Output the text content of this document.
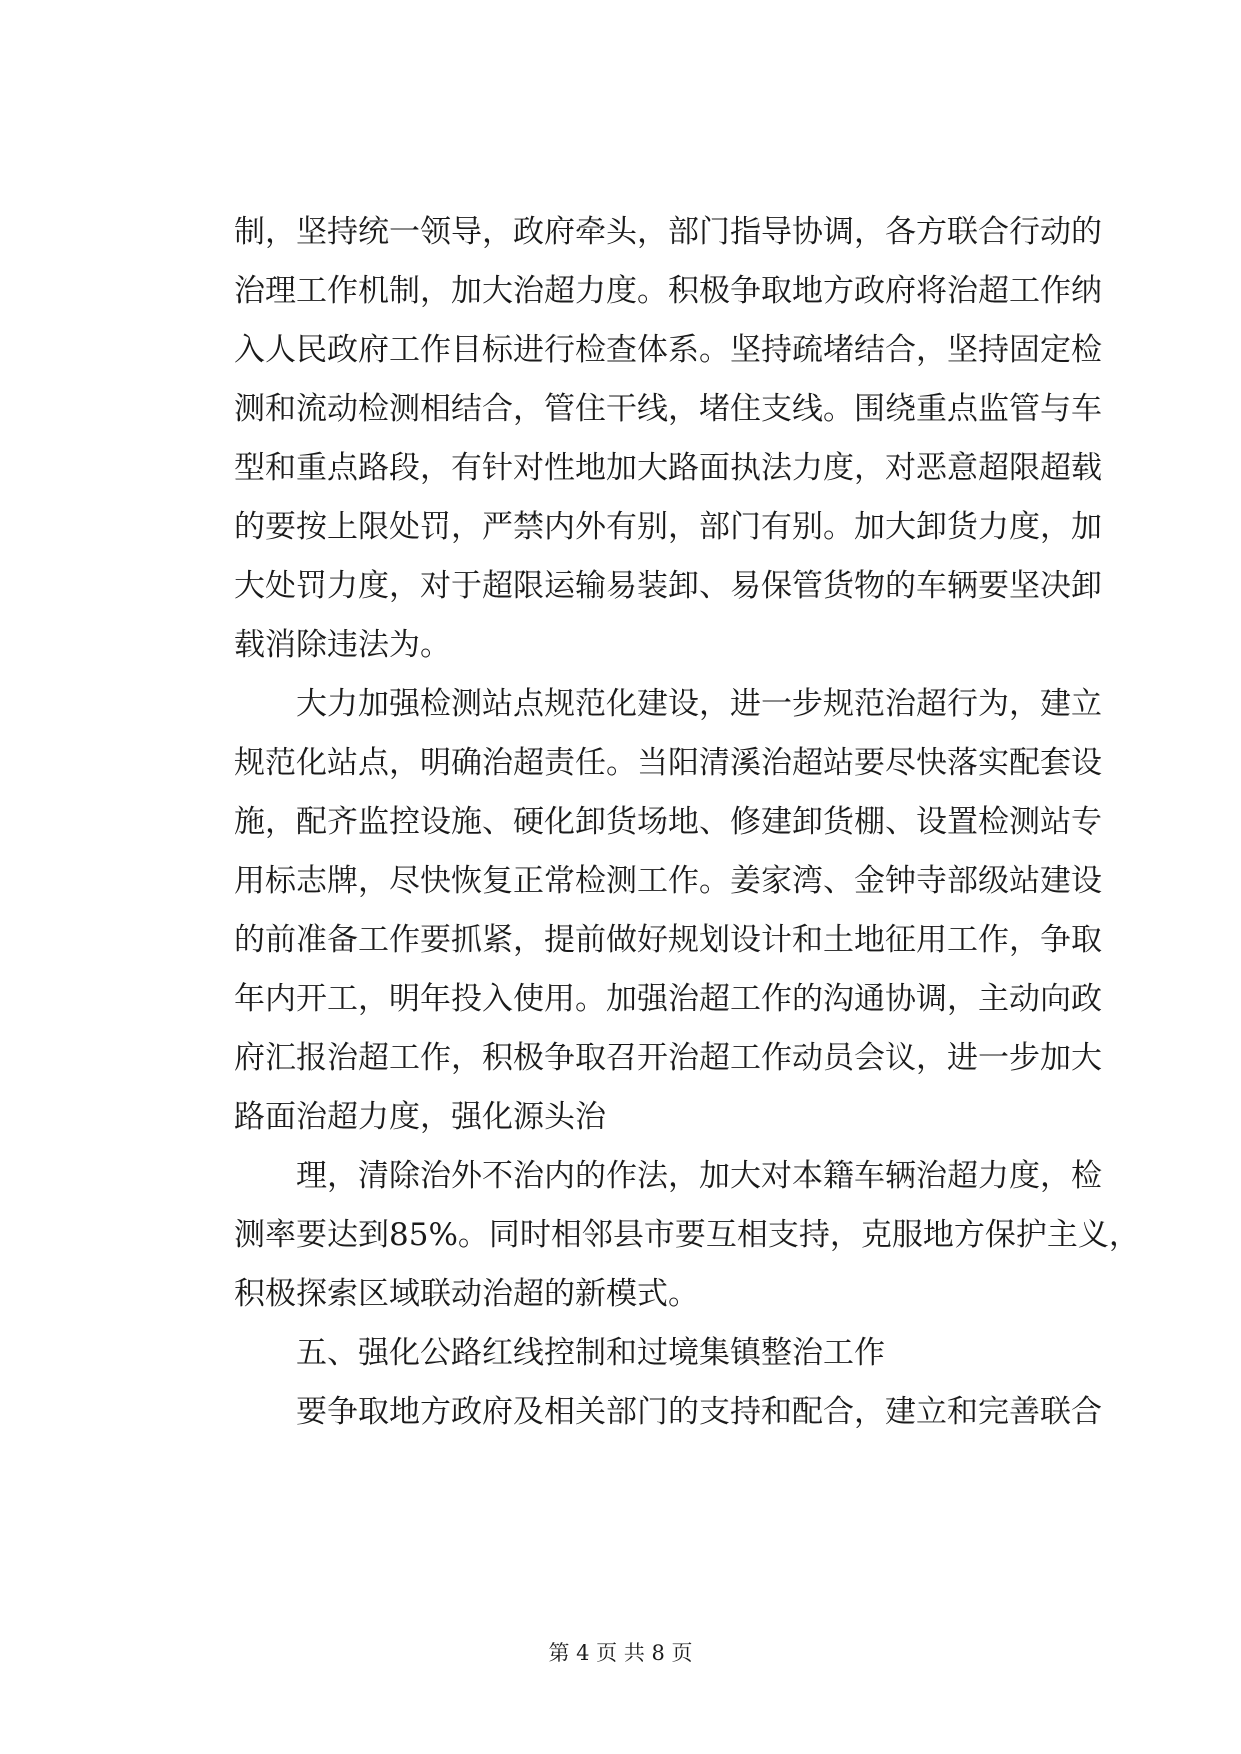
制，坚持统一领导，政府牵头，部门指导协调，各方联合行动的
治理工作机制，加大治超力度。积极争取地方政府将治超工作纳
入人民政府工作目标进行检查体系。坚持疏堵结合，坚持固定检
测和流动检测相结合，管住干线，堵住支线。围绕重点监管与车
型和重点路段，有针对性地加大路面执法力度，对恶意超限超载
的要按上限处罚，严禁内外有别，部门有别。加大卸货力度，加
大处罚力度，对于超限运输易装卸、易保管货物的车辆要坚决卸
载消除违法为。
大力加强检测站点规范化建设，进一步规范治超行为，建立
规范化站点，明确治超责任。当阳清溪治超站要尽快落实配套设
施，配齐监控设施、硬化卸货场地、修建卸货棚、设置检测站专
用标志牌，尽快恢复正常检测工作。姜家湾、金钟寺部级站建设
的前准备工作要抓紧，提前做好规划设计和土地征用工作，争取
年内开工，明年投入使用。加强治超工作的沟通协调，主动向政
府汇报治超工作，积极争取召开治超工作动员会议，进一步加大
路面治超力度，强化源头治
理，清除治外不治内的作法，加大对本籍车辆治超力度，检
测率要达到85%。同时相邻县市要互相支持，克服地方保护主义，
积极探索区域联动治超的新模式。
五、强化公路红线控制和过境集镇整治工作
要争取地方政府及相关部门的支持和配合，建立和完善联合
第 4 页 共 8 页
